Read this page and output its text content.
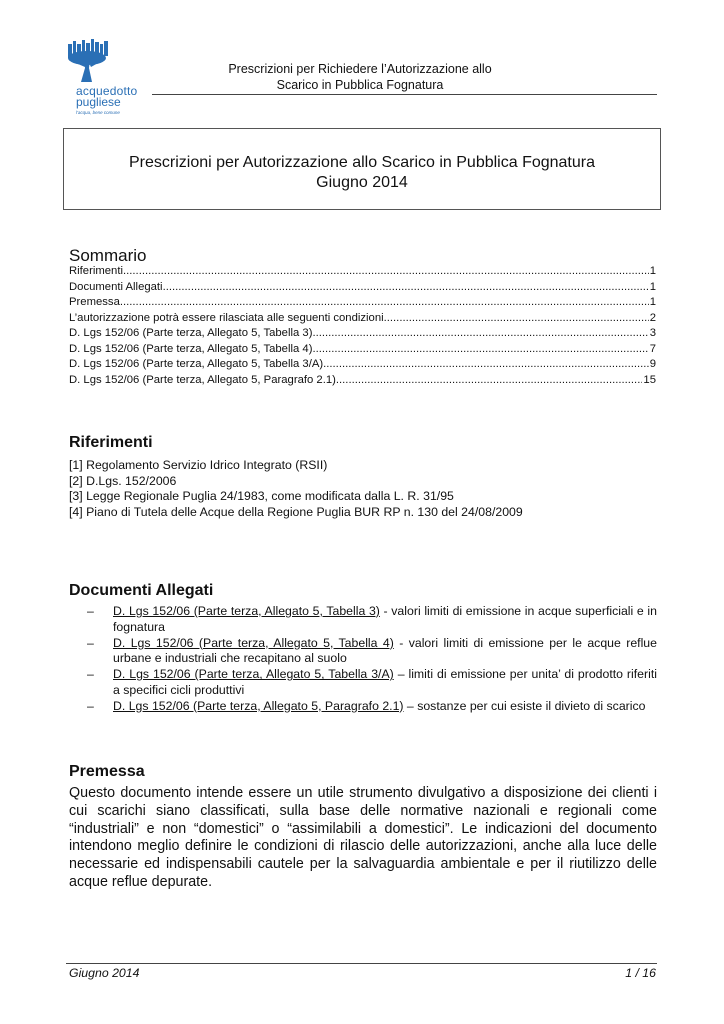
acquedotto
pugliese
l'acqua, bene comune
Prescrizioni per Richiedere l’Autorizzazione allo
Scarico in Pubblica Fognatura
Prescrizioni per Autorizzazione allo Scarico in Pubblica Fognatura
Giugno 2014
Sommario
Riferimenti .....	1
Documenti Allegati .....	1
Premessa .....	1
L’autorizzazione potrà essere rilasciata alle seguenti condizioni .....	2
D. Lgs 152/06 (Parte terza, Allegato 5, Tabella 3) .....	3
D. Lgs 152/06 (Parte terza, Allegato 5, Tabella 4) .....	7
D. Lgs 152/06 (Parte terza, Allegato 5, Tabella 3/A) .....	9
D. Lgs 152/06 (Parte terza, Allegato 5, Paragrafo 2.1) .....	15
Riferimenti
[1] Regolamento Servizio Idrico Integrato (RSII)
[2] D.Lgs. 152/2006
[3] Legge Regionale Puglia 24/1983, come modificata dalla L. R. 31/95
[4] Piano di Tutela delle Acque della Regione Puglia BUR RP n. 130 del 24/08/2009
Documenti Allegati
– D. Lgs 152/06 (Parte terza, Allegato 5, Tabella 3) - valori limiti di emissione in acque superficiali e in fognatura
– D. Lgs 152/06 (Parte terza, Allegato 5, Tabella 4) - valori limiti di emissione per le acque reflue urbane e industriali che recapitano al suolo
– D. Lgs 152/06 (Parte terza, Allegato 5, Tabella 3/A) – limiti di emissione per unita’ di prodotto riferiti a specifici cicli produttivi
– D. Lgs 152/06 (Parte terza, Allegato 5, Paragrafo 2.1) – sostanze per cui esiste il divieto di scarico
Premessa
Questo documento intende essere un utile strumento divulgativo a disposizione dei clienti i cui scarichi siano classificati, sulla base delle normative nazionali e regionali come “industriali” e non “domestici” o “assimilabili a domestici”. Le indicazioni del documento intendono meglio definire le condizioni di rilascio delle autorizzazioni, anche alla luce delle necessarie ed indispensabili cautele per la salvaguardia ambientale e per il riutilizzo delle acque reflue depurate.
Giugno 2014	1 / 16
